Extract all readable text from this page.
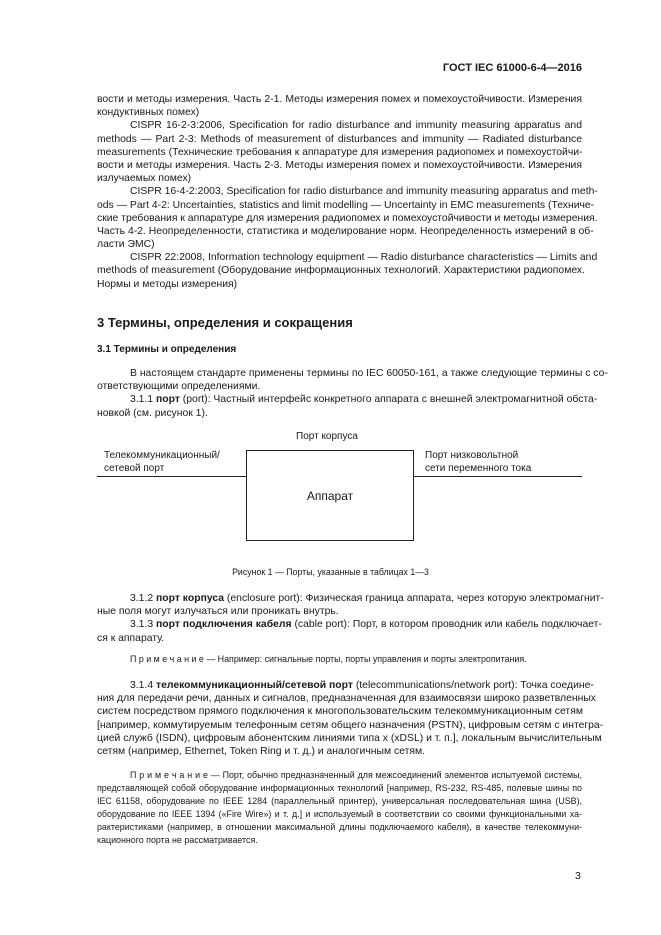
ГОСТ IEC 61000-6-4—2016
вости и методы измерения. Часть 2-1. Методы измерения помех и помехоустойчивости. Измерения
кондуктивных помех)
CISPR 16-2-3:2006, Specification for radio disturbance and immunity measuring apparatus and
methods — Part 2-3: Methods of measurement of disturbances and immunity — Radiated disturbance
measurements (Технические требования к аппаратуре для измерения радиопомех и помехоустойчи-
вости и методы измерения. Часть 2-3. Методы измерения помех и помехоустойчивости. Измерения
излучаемых помех)
CISPR 16-4-2:2003, Specification for radio disturbance and immunity measuring apparatus and meth-
ods — Part 4-2: Uncertainties, statistics and limit modelling — Uncertainty in EMC measurements (Техниче-
ские требования к аппаратуре для измерения радиопомех и помехоустойчивости и методы измерения.
Часть 4-2. Неопределенности, статистика и моделирование норм. Неопределенность измерений в об-
ласти ЭМС)
CISPR 22:2008, Information technology equipment — Radio disturbance characteristics — Limits and
methods of measurement (Оборудование информационных технологий. Характеристики радиопомех.
Нормы и методы измерения)
3 Термины, определения и сокращения
3.1 Термины и определения
В настоящем стандарте применены термины по IEC 60050-161, а также следующие термины с со-
ответствующими определениями.
3.1.1 порт (port): Частный интерфейс конкретного аппарата с внешней электромагнитной обста-
новкой (см. рисунок 1).
Порт корпуса
Телекоммуникационный/
сетевой порт
Порт низковольтной
сети переменного тока
Аппарат
Рисунок 1 — Порты, указанные в таблицах 1—3
3.1.2 порт корпуса (enclosure port): Физическая граница аппарата, через которую электромагнит-
ные поля могут излучаться или проникать внутрь.
3.1.3 порт подключения кабеля (cable port): Порт, в котором проводник или кабель подключает-
ся к аппарату.
П р и м е ч а н и е — Например: сигнальные порты, порты управления и порты электропитания.
3.1.4 телекоммуникационный/сетевой порт (telecommunications/network port): Точка соедине-
ния для передачи речи, данных и сигналов, предназначенная для взаимосвязи широко разветвленных
систем посредством прямого подключения к многопользовательским телекоммуникационным сетям
[например, коммутируемым телефонным сетям общего назначения (PSTN), цифровым сетям с интегра-
цией служб (ISDN), цифровым абонентским линиями типа x (xDSL) и т. п.], локальным вычислительным
сетям (например, Ethernet, Token Ring и т. д.) и аналогичным сетям.
П р и м е ч а н и е — Порт, обычно предназначенный для межсоединений элементов испытуемой системы,
представляющей собой оборудование информационных технологий [например, RS-232, RS-485, полевые шины по
IEC 61158, оборудование по IEEE 1284 (параллельный принтер), универсальная последовательная шина (USB),
оборудование по IEEE 1394 («Fire Wire») и т. д.] и используемый в соответствии со своими функциональными ха-
рактеристиками (например, в отношении максимальной длины подключаемого кабеля), в качестве телекоммуни-
кационного порта не рассматривается.
3
